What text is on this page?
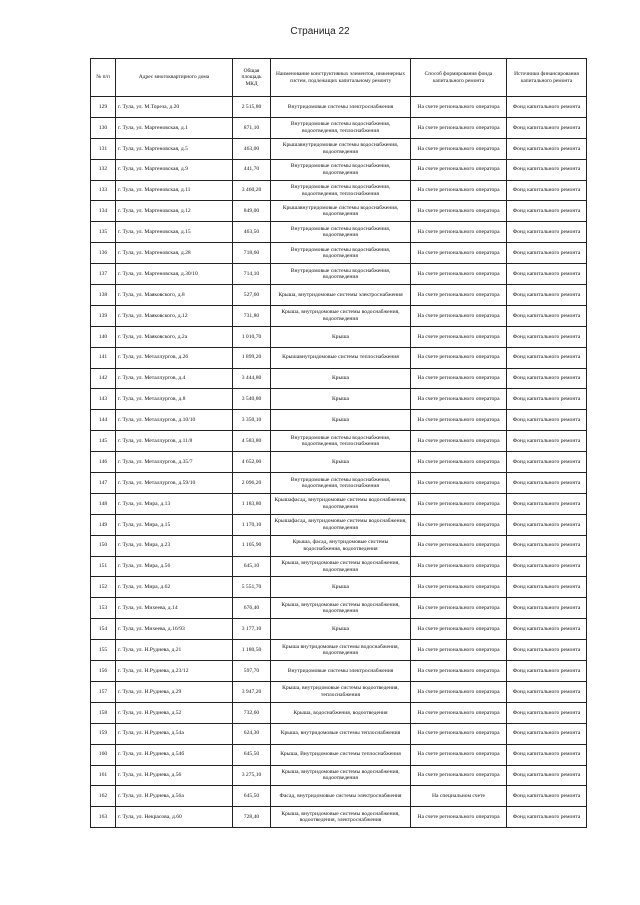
Страница 22
№ п/п	Адрес многоквартирного дома	Общая площадь МКД	Наименование конструктивных элементов, инженерных систем, подлежащих капитальному ремонту	Способ формирования фонда капитального ремонта	Источники финансирования капитального ремонта
129	г. Тула, ул. М.Тореза, д.20	2 515,80	Внутридомовые системы электроснабжения	На счете регионального оператора	Фонд капитального ремонта
130	г. Тула, ул. Мартеновская, д.1	871,10	Внутридомовые системы водоснабжения, водоотведения, теплоснабжения	На счете регионального оператора	Фонд капитального ремонта
131	г. Тула, ул. Мартеновская, д.5	463,00	Крышавнутридомовые системы водоснабжения, водоотведения	На счете регионального оператора	Фонд капитального ремонта
132	г. Тула, ул. Мартеновская, д.9	441,70	Внутридомовые системы водоснабжения, водоотведения	На счете регионального оператора	Фонд капитального ремонта
133	г. Тула, ул. Мартеновская, д.11	3 460,20	Внутридомовые системы водоснабжения, водоотведения, теплоснабжения	На счете регионального оператора	Фонд капитального ремонта
134	г. Тула, ул. Мартеновская, д.12	849,00	Крышавнутридомовые системы водоснабжения, водоотведения	На счете регионального оператора	Фонд капитального ремонта
135	г. Тула, ул. Мартеновская, д.15	463,50	Внутридомовые системы водоснабжения, водоотведения	На счете регионального оператора	Фонд капитального ремонта
136	г. Тула, ул. Мартеновская, д.28	718,60	Внутридомовые системы водоснабжения, водоотведения	На счете регионального оператора	Фонд капитального ремонта
137	г. Тула, ул. Мартеновская, д.30/10	714,10	Внутридомовые системы водоснабжения, водоотведения	На счете регионального оператора	Фонд капитального ремонта
138	г. Тула, ул. Маяковского, д.8	527,60	Крыша, внутридомовые системы электроснабжения	На счете регионального оператора	Фонд капитального ремонта
139	г. Тула, ул. Маяковского, д.12	731,80	Крыша, внутридомовые системы водоснабжения, водоотведения	На счете регионального оператора	Фонд капитального ремонта
140	г. Тула, ул. Маяковского, д.2а	1 010,70	Крыша	На счете регионального оператора	Фонд капитального ремонта
141	г. Тула, ул. Металлургов, д.26	1 899,20	Крышавнутридомовые системы теплоснабжения	На счете регионального оператора	Фонд капитального ремонта
142	г. Тула, ул. Металлургов, д.4	3 444,80	Крыша	На счете регионального оператора	Фонд капитального ремонта
143	г. Тула, ул. Металлургов, д.8	3 540,80	Крыша	На счете регионального оператора	Фонд капитального ремонта
144	г. Тула, ул. Металлургов, д.10/10	3 350,10	Крыша	На счете регионального оператора	Фонд капитального ремонта
145	г. Тула, ул. Металлургов, д.11/8	4 583,80	Внутридомовые системы водоснабжения, водоотведения, теплоснабжения	На счете регионального оператора	Фонд капитального ремонта
146	г. Тула, ул. Металлургов, д.35/7	4 652,00	Крыша	На счете регионального оператора	Фонд капитального ремонта
147	г. Тула, ул. Металлургов, д.59/10	2 096,20	Внутридомовые системы водоснабжения, водоотведения, теплоснабжения	На счете регионального оператора	Фонд капитального ремонта
148	г. Тула, ул. Мира, д.13	1 183,80	Крышафасад, внутридомовые системы водоснабжения, водоотведения	На счете регионального оператора	Фонд капитального ремонта
149	г. Тула, ул. Мира, д.15	1 170,10	Крышафасад, внутридомовые системы водоснабжения, водоотведения	На счете регионального оператора	Фонд капитального ремонта
150	г. Тула, ул. Мира, д.23	1 105,90	Крыша, фасад, внутридомовые системы водоснабжения, водоотведения	На счете регионального оператора	Фонд капитального ремонта
151	г. Тула, ул. Мира, д.56	645,10	Крыша, внутридомовые системы водоснабжения, водоотведения	На счете регионального оператора	Фонд капитального ремонта
152	г. Тула, ул. Мира, д.62	5 551,70	Крыша	На счете регионального оператора	Фонд капитального ремонта
153	г. Тула, ул. Михеева, д.14	676,40	Крыша, внутридомовые системы водоснабжения, водоотведения	На счете регионального оператора	Фонд капитального ремонта
154	г. Тула, ул. Михеева, д.16/93	3 177,10	Крыша	На счете регионального оператора	Фонд капитального ремонта
155	г. Тула, ул. Н.Руднева, д.21	1 180,50	Крыша внутридомовые системы водоснабжения, водоотведения	На счете регионального оператора	Фонд капитального ремонта
156	г. Тула, ул. Н.Руднева, д.23/12	597,70	Внутридомовые системы электроснабжения	На счете регионального оператора	Фонд капитального ремонта
157	г. Тула, ул. Н.Руднева, д.29	3 947,20	Крыша, внутридомовые системы водоотведения, теплоснабжения	На счете регионального оператора	Фонд капитального ремонта
158	г. Тула, ул. Н.Руднева, д.52	732,60	Крыша, водоснабжения, водоотведения	На счете регионального оператора	Фонд капитального ремонта
159	г. Тула, ул. Н.Руднева, д.54а	624,30	Крыша, внутридомовые системы теплоснабжения	На счете регионального оператора	Фонд капитального ремонта
160	г. Тула, ул. Н.Руднева, д.54б	645,50	Крыша, Внутридомовые системы теплоснабжения	На счете регионального оператора	Фонд капитального ремонта
161	г. Тула, ул. Н.Руднева, д.56	3 275,10	Крыша, внутридомовые системы водоснабжения, водоотведения	На счете регионального оператора	Фонд капитального ремонта
162	г. Тула, ул. Н.Руднева, д.56а	645,50	Фасад, внутридомовые системы электроснабжения	На специальном счете	Фонд капитального ремонта
163	г. Тула, ул. Некрасова, д.60	728,40	Крыша, внутридомовые системы водоснабжения, водоотведения, электроснабжения	На счете регионального оператора	Фонд капитального ремонта
